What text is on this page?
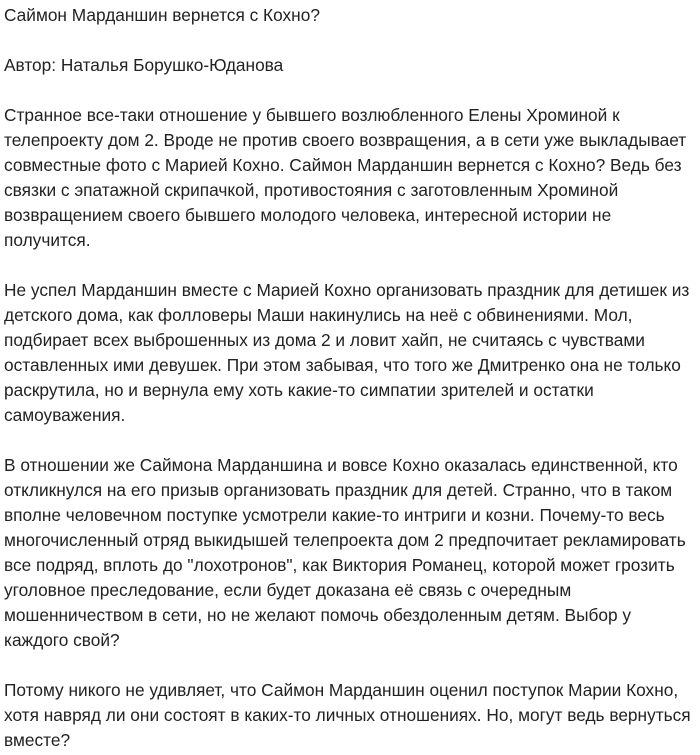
Саймон Марданшин вернется с Кохно?

Автор: Наталья Борушко-Юданова

Странное все-таки отношение у бывшего возлюбленного Елены Хроминой к телепроекту дом 2. Вроде не против своего возвращения, а в сети уже выкладывает совместные фото с Марией Кохно. Саймон Марданшин вернется с Кохно? Ведь без связки с эпатажной скрипачкой, противостояния с заготовленным Хроминой возвращением своего бывшего молодого человека, интересной истории не получится.

Не успел Марданшин вместе с Марией Кохно организовать праздник для детишек из детского дома, как фолловеры Маши накинулись на неё с обвинениями. Мол, подбирает всех выброшенных из дома 2 и ловит хайп, не считаясь с чувствами оставленных ими девушек. При этом забывая, что того же Дмитренко она не только раскрутила, но и вернула ему хоть какие-то симпатии зрителей и остатки самоуважения.

В отношении же Саймона Марданшина и вовсе Кохно оказалась единственной, кто откликнулся на его призыв организовать праздник для детей. Странно, что в таком вполне человечном поступке усмотрели какие-то интриги и козни. Почему-то весь многочисленный отряд выкидышей телепроекта дом 2 предпочитает рекламировать все подряд, вплоть до "лохотронов", как Виктория Романец, которой может грозить уголовное преследование, если будет доказана её связь с очередным мошенничеством в сети, но не желают помочь обездоленным детям. Выбор у каждого свой?

Потому никого не удивляет, что Саймон Марданшин оценил поступок Марии Кохно, хотя навряд ли они состоят в каких-то личных отношениях. Но, могут ведь вернуться вместе?
